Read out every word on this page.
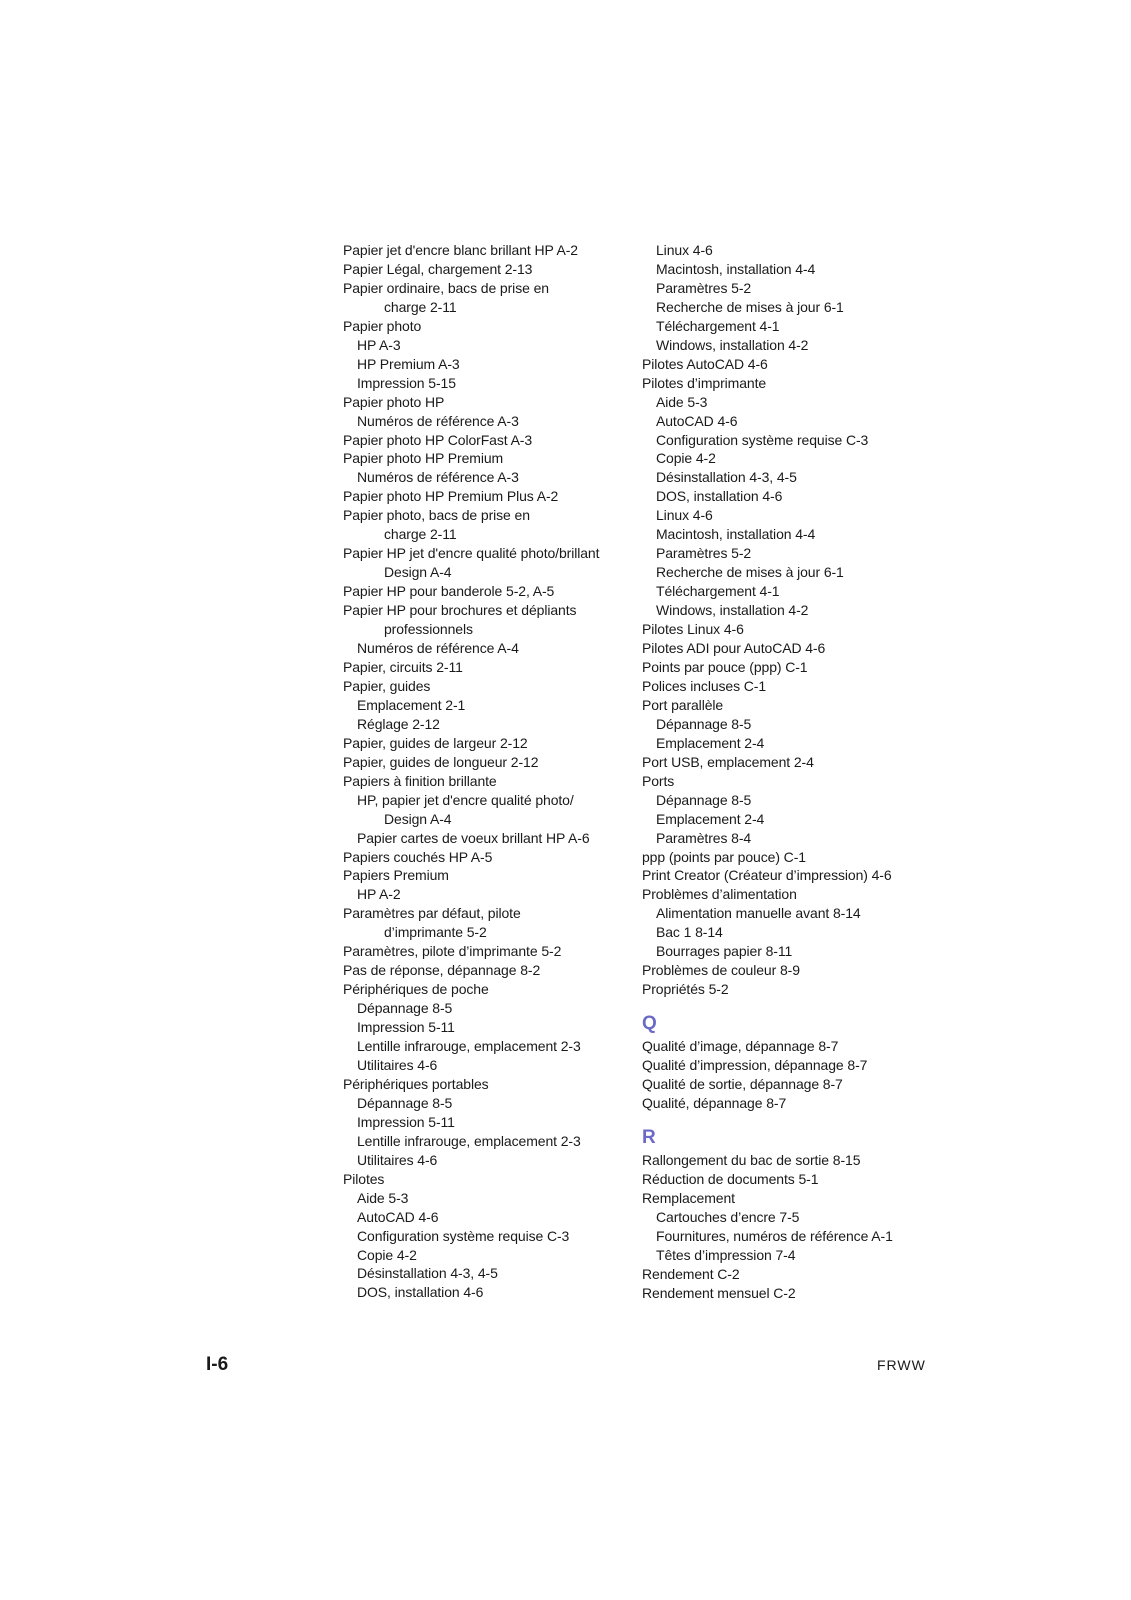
Papier jet d'encre blanc brillant HP A-2
Papier Légal, chargement 2-13
Papier ordinaire, bacs de prise en
charge 2-11
Papier photo
HP A-3
HP Premium A-3
Impression 5-15
Papier photo HP
Numéros de référence A-3
Papier photo HP ColorFast A-3
Papier photo HP Premium
Numéros de référence A-3
Papier photo HP Premium Plus A-2
Papier photo, bacs de prise en
charge 2-11
Papier HP jet d'encre qualité photo/brillant
Design A-4
Papier HP pour banderole 5-2, A-5
Papier HP pour brochures et dépliants
professionnels
Numéros de référence A-4
Papier, circuits 2-11
Papier, guides
Emplacement 2-1
Réglage 2-12
Papier, guides de largeur 2-12
Papier, guides de longueur 2-12
Papiers à finition brillante
HP, papier jet d'encre qualité photo/
Design A-4
Papier cartes de voeux brillant HP A-6
Papiers couchés HP A-5
Papiers Premium
HP A-2
Paramètres par défaut, pilote
d’imprimante 5-2
Paramètres, pilote d’imprimante 5-2
Pas de réponse, dépannage 8-2
Périphériques de poche
Dépannage 8-5
Impression 5-11
Lentille infrarouge, emplacement 2-3
Utilitaires 4-6
Périphériques portables
Dépannage 8-5
Impression 5-11
Lentille infrarouge, emplacement 2-3
Utilitaires 4-6
Pilotes
Aide 5-3
AutoCAD 4-6
Configuration système requise C-3
Copie 4-2
Désinstallation 4-3, 4-5
DOS, installation 4-6
Linux 4-6
Macintosh, installation 4-4
Paramètres 5-2
Recherche de mises à jour 6-1
Téléchargement 4-1
Windows, installation 4-2
Pilotes AutoCAD 4-6
Pilotes d’imprimante
Aide 5-3
AutoCAD 4-6
Configuration système requise C-3
Copie 4-2
Désinstallation 4-3, 4-5
DOS, installation 4-6
Linux 4-6
Macintosh, installation 4-4
Paramètres 5-2
Recherche de mises à jour 6-1
Téléchargement 4-1
Windows, installation 4-2
Pilotes Linux 4-6
Pilotes ADI pour AutoCAD 4-6
Points par pouce (ppp) C-1
Polices incluses C-1
Port parallèle
Dépannage 8-5
Emplacement 2-4
Port USB, emplacement 2-4
Ports
Dépannage 8-5
Emplacement 2-4
Paramètres 8-4
ppp (points par pouce) C-1
Print Creator (Créateur d’impression) 4-6
Problèmes d’alimentation
Alimentation manuelle avant 8-14
Bac 1 8-14
Bourrages papier 8-11
Problèmes de couleur 8-9
Propriétés 5-2
Q
Qualité d’image, dépannage 8-7
Qualité d’impression, dépannage 8-7
Qualité de sortie, dépannage 8-7
Qualité, dépannage 8-7
R
Rallongement du bac de sortie 8-15
Réduction de documents 5-1
Remplacement
Cartouches d’encre 7-5
Fournitures, numéros de référence A-1
Têtes d’impression 7-4
Rendement C-2
Rendement mensuel C-2
I-6	FRWW
